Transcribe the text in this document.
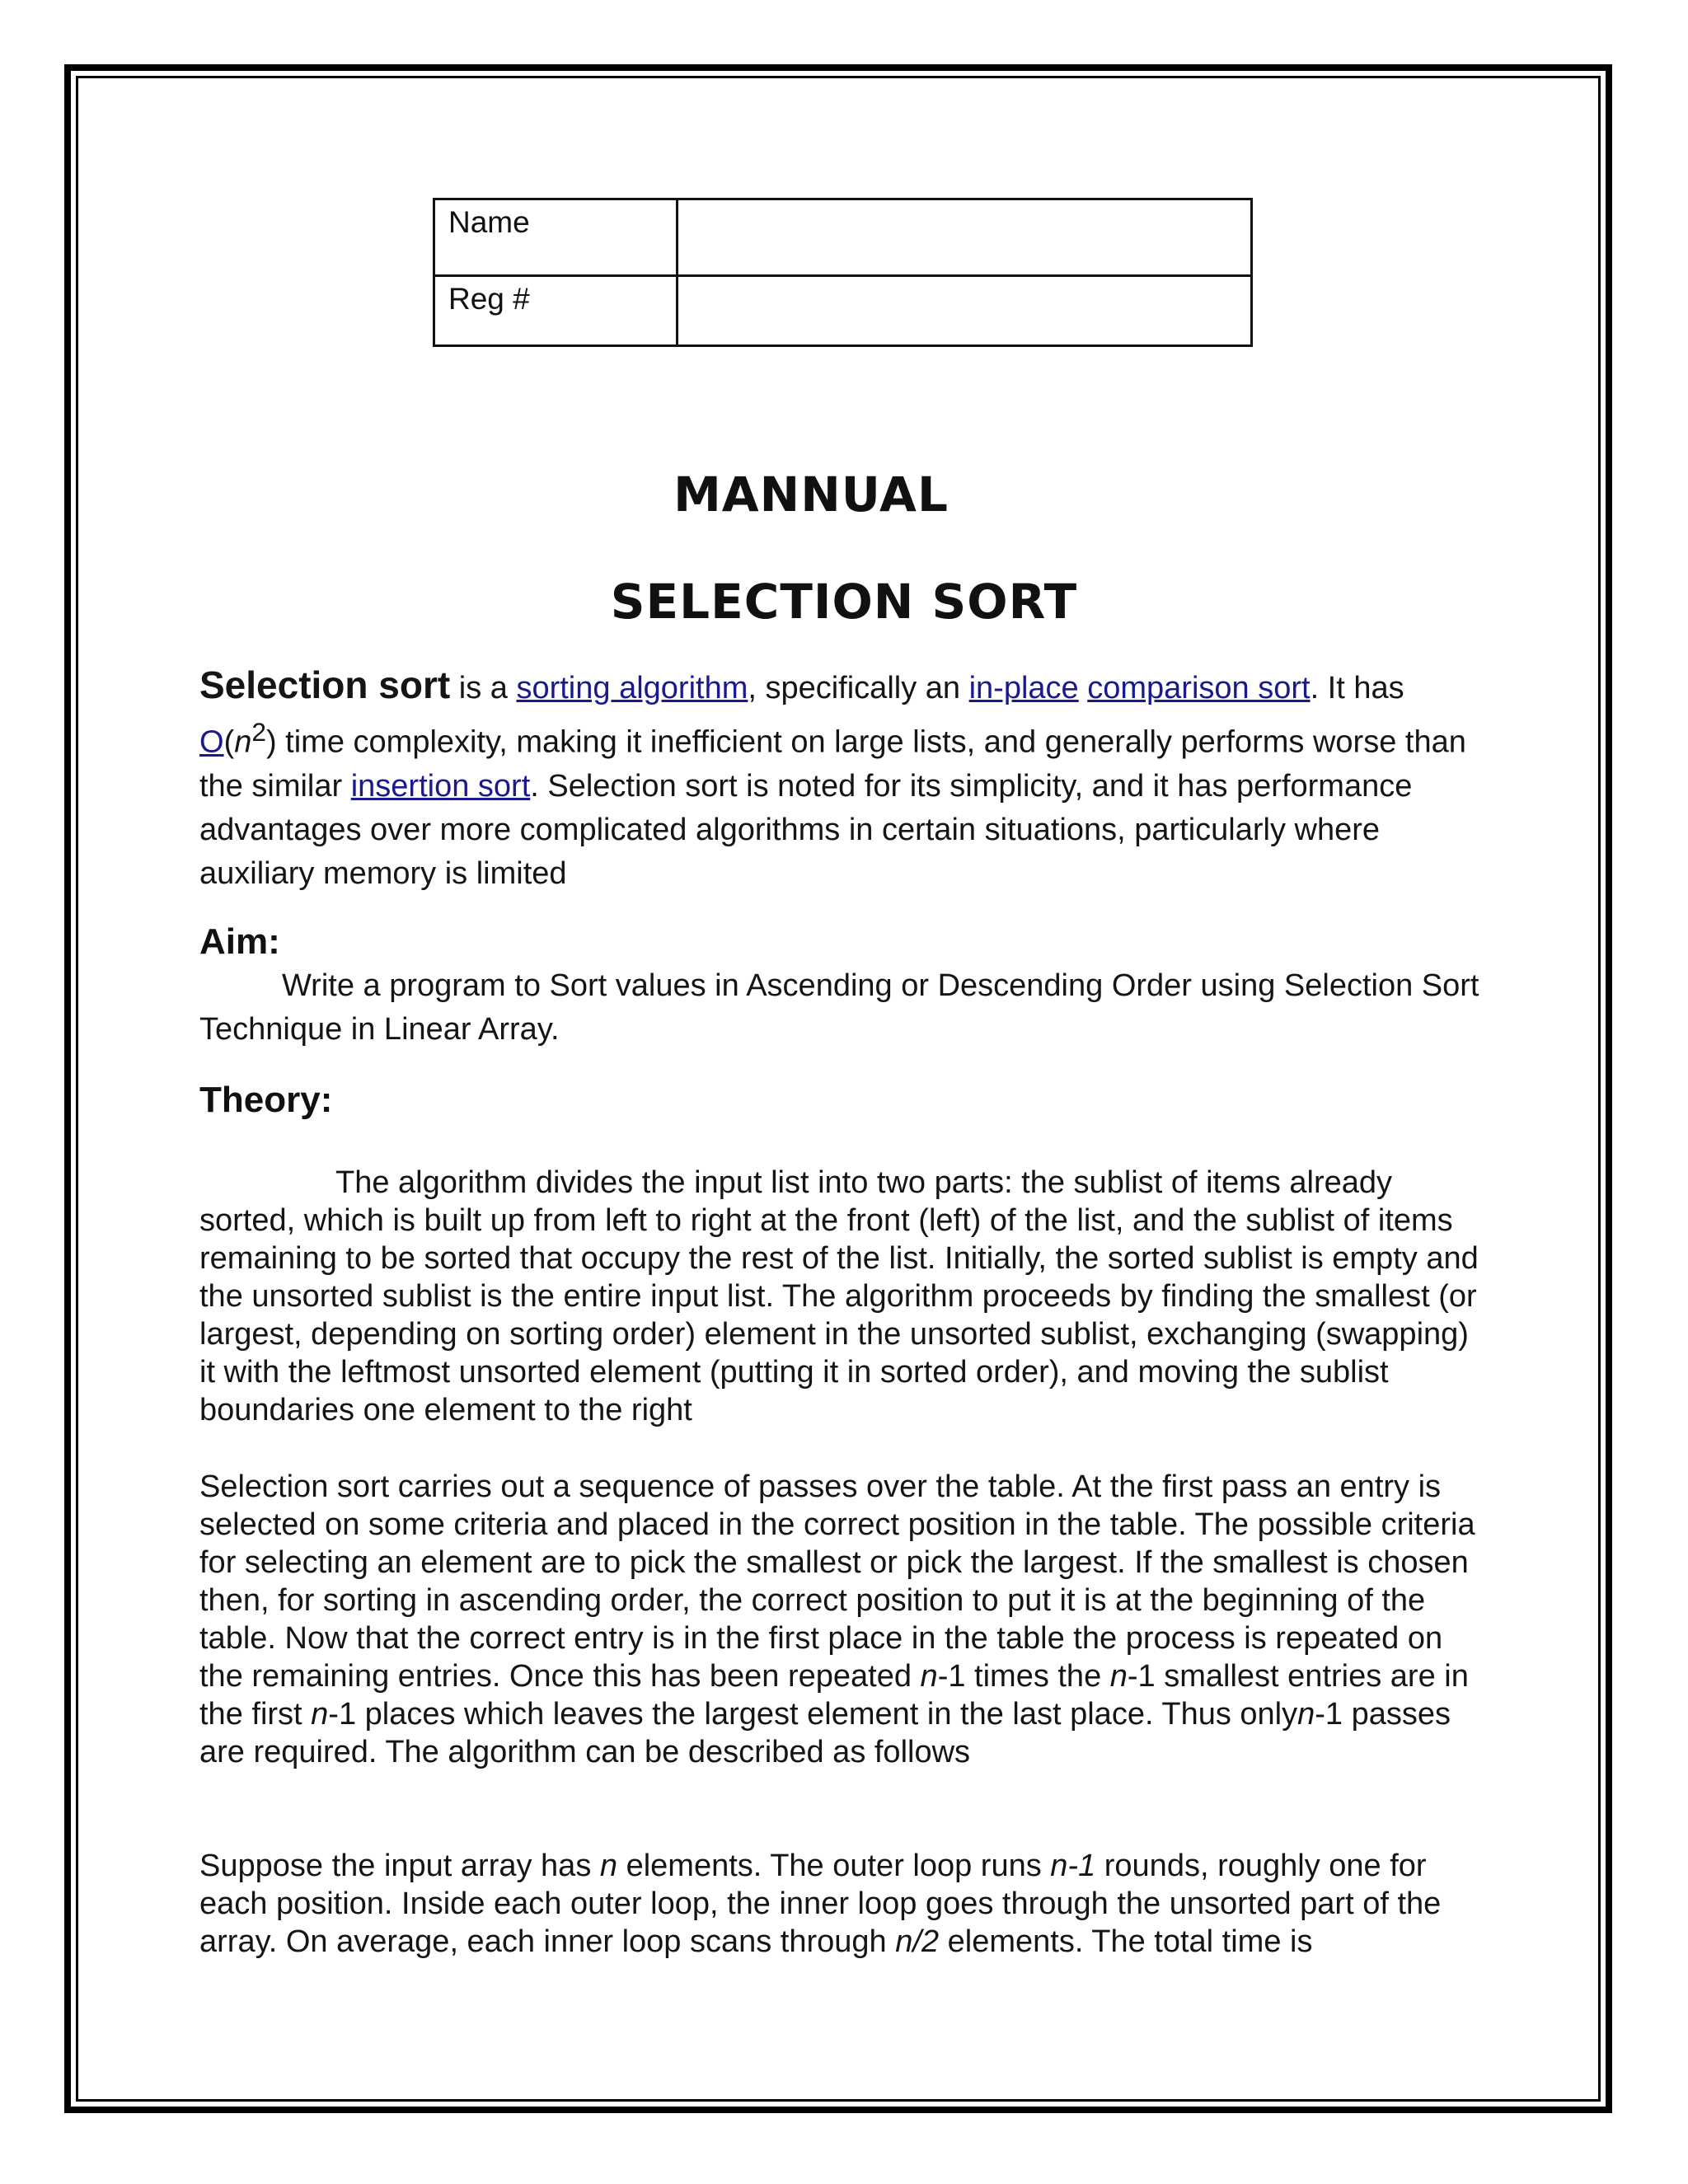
Name	
Reg #	
MANNUAL
SELECTION SORT

Selection sort is a sorting algorithm, specifically an in-place comparison sort. It has $O(n^2)$ time complexity, making it inefficient on large lists, and generally performs worse than the similar insertion sort. Selection sort is noted for its simplicity, and it has performance advantages over more complicated algorithms in certain situations, particularly where auxiliary memory is limited

Aim:

Write a program to Sort values in Ascending or Descending Order using Selection Sort Technique in Linear Array.

Theory:

The algorithm divides the input list into two parts: the sublist of items already sorted, which is built up from left to right at the front (left) of the list, and the sublist of items remaining to be sorted that occupy the rest of the list. Initially, the sorted sublist is empty and the unsorted sublist is the entire input list. The algorithm proceeds by finding the smallest (or largest, depending on sorting order) element in the unsorted sublist, exchanging (swapping) it with the leftmost unsorted element (putting it in sorted order), and moving the sublist boundaries one element to the right

Selection sort carries out a sequence of passes over the table. At the first pass an entry is selected on some criteria and placed in the correct position in the table. The possible criteria for selecting an element are to pick the smallest or pick the largest. If the smallest is chosen then, for sorting in ascending order, the correct position to put it is at the beginning of the table. Now that the correct entry is in the first place in the table the process is repeated on the remaining entries. Once this has been repeated n-1 times the n-1 smallest entries are in the first n-1 places which leaves the largest element in the last place. Thus onlyn-1 passes are required. The algorithm can be described as follows

Suppose the input array has n elements. The outer loop runs n-1 rounds, roughly one for each position. Inside each outer loop, the inner loop goes through the unsorted part of the array. On average, each inner loop scans through n/2 elements. The total time is
